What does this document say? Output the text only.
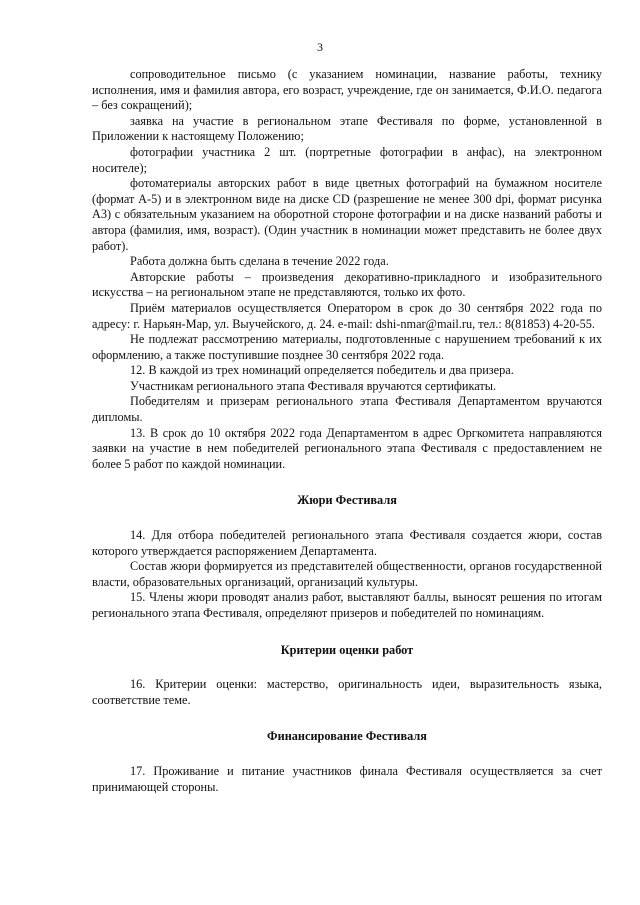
3

сопроводительное письмо (с указанием номинации, название работы, технику исполнения, имя и фамилия автора, его возраст, учреждение, где он занимается, Ф.И.О. педагога – без сокращений);

заявка на участие в региональном этапе Фестиваля по форме, установленной в Приложении к настоящему Положению;

фотографии участника 2 шт. (портретные фотографии в анфас), на электронном носителе);

фотоматериалы авторских работ в виде цветных фотографий на бумажном носителе (формат А-5) и в электронном виде на диске CD (разрешение не менее 300 dpi, формат рисунка А3) с обязательным указанием на оборотной стороне фотографии и на диске названий работы и автора (фамилия, имя, возраст). (Один участник в номинации может представить не более двух работ).

Работа должна быть сделана в течение 2022 года.

Авторские работы – произведения декоративно-прикладного и изобразительного искусства – на региональном этапе не представляются, только их фото.

Приём материалов осуществляется Оператором в срок до 30 сентября 2022 года по адресу: г. Нарьян-Мар, ул. Выучейского, д. 24. e-mail: dshi-nmar@mail.ru, тел.: 8(81853) 4-20-55.

Не подлежат рассмотрению материалы, подготовленные с нарушением требований к их оформлению, а также поступившие позднее 30 сентября 2022 года.

12. В каждой из трех номинаций определяется победитель и два призера.

Участникам регионального этапа Фестиваля вручаются сертификаты.

Победителям и призерам регионального этапа Фестиваля Департаментом вручаются дипломы.

13. В срок до 10 октября 2022 года Департаментом в адрес Оргкомитета направляются заявки на участие в нем победителей регионального этапа Фестиваля с предоставлением не более 5 работ по каждой номинации.

Жюри Фестиваля

14. Для отбора победителей регионального этапа Фестиваля создается жюри, состав которого утверждается распоряжением Департамента.

Состав жюри формируется из представителей общественности, органов государственной власти, образовательных организаций, организаций культуры.

15. Члены жюри проводят анализ работ, выставляют баллы, выносят решения по итогам регионального этапа Фестиваля, определяют призеров и победителей по номинациям.

Критерии оценки работ

16. Критерии оценки: мастерство, оригинальность идеи, выразительность языка, соответствие теме.

Финансирование Фестиваля

17. Проживание и питание участников финала Фестиваля осуществляется за счет принимающей стороны.
